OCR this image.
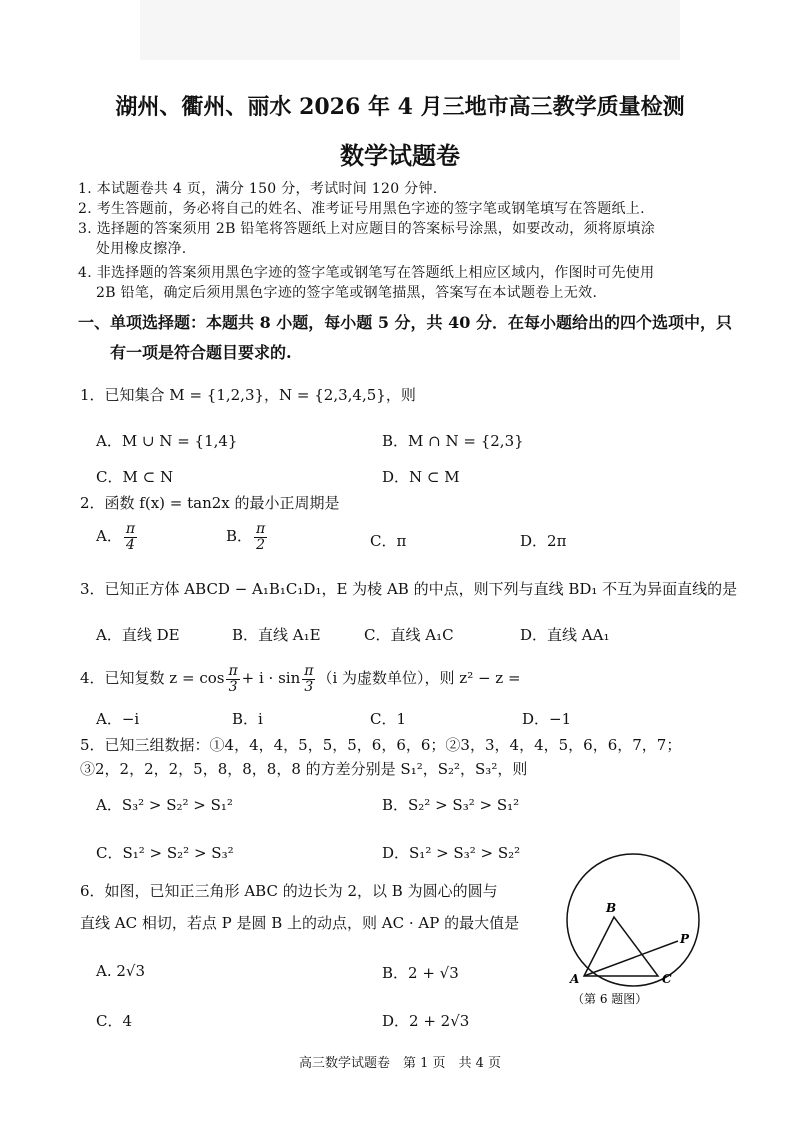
湖州、衢州、丽水 2026 年 4 月三地市高三教学质量检测
数学试题卷
1. 本试题卷共 4 页，满分 150 分，考试时间 120 分钟.
2. 考生答题前，务必将自己的姓名、准考证号用黑色字迹的签字笔或钢笔填写在答题纸上.
3. 选择题的答案须用 2B 铅笔将答题纸上对应题目的答案标号涂黑，如要改动，须将原填涂
处用橡皮擦净.
4. 非选择题的答案须用黑色字迹的签字笔或钢笔写在答题纸上相应区域内，作图时可先使用
2B 铅笔，确定后须用黑色字迹的签字笔或钢笔描黑，答案写在本试题卷上无效.
一、单项选择题：本题共 8 小题，每小题 5 分，共 40 分．在每小题给出的四个选项中，只
有一项是符合题目要求的.
1．已知集合 M = {1,2,3}，N = {2,3,4,5}，则
A．M ∪ N = {1,4}	B．M ∩ N = {2,3}
C．M ⊂ N	D．N ⊂ M
2．函数 f(x) = tan2x 的最小正周期是
A． $\frac{\pi}{4}$	B． $\frac{\pi}{2}$	C．π	D．2π
3．已知正方体 ABCD − A₁B₁C₁D₁，E 为棱 AB 的中点，则下列与直线 BD₁ 不互为异面直线的是
A．直线 DE	B．直线 A₁E	C．直线 A₁C	D．直线 AA₁
4．已知复数 $z = \cos \frac{\pi}{3} + i \cdot \sin \frac{\pi}{3} (i$ 为虚数单位），则 z² − z =
A．−i	B．i	C．1	D．−1
5．已知三组数据：①4，4，4，5，5，5，6，6，6；②3，3，4，4，5，6，6，7，7；
③2，2，2，2，5，8，8，8，8 的方差分别是 S₁²，S₂²，S₃²，则
A．S₃² > S₂² > S₁²	B．S₂² > S₃² > S₁²
C．S₁² > S₂² > S₃²	D．S₁² > S₃² > S₂²
6．如图，已知正三角形 ABC 的边长为 2，以 B 为圆心的圆与
直线 AC 相切，若点 P 是圆 B 上的动点，则 AC · AP 的最大值是
A. 2√3	B．2 + √3
C．4	D．2 + 2√3
B
A	C
P
（第 6 题图）
高三数学试题卷　第 1 页　共 4 页
